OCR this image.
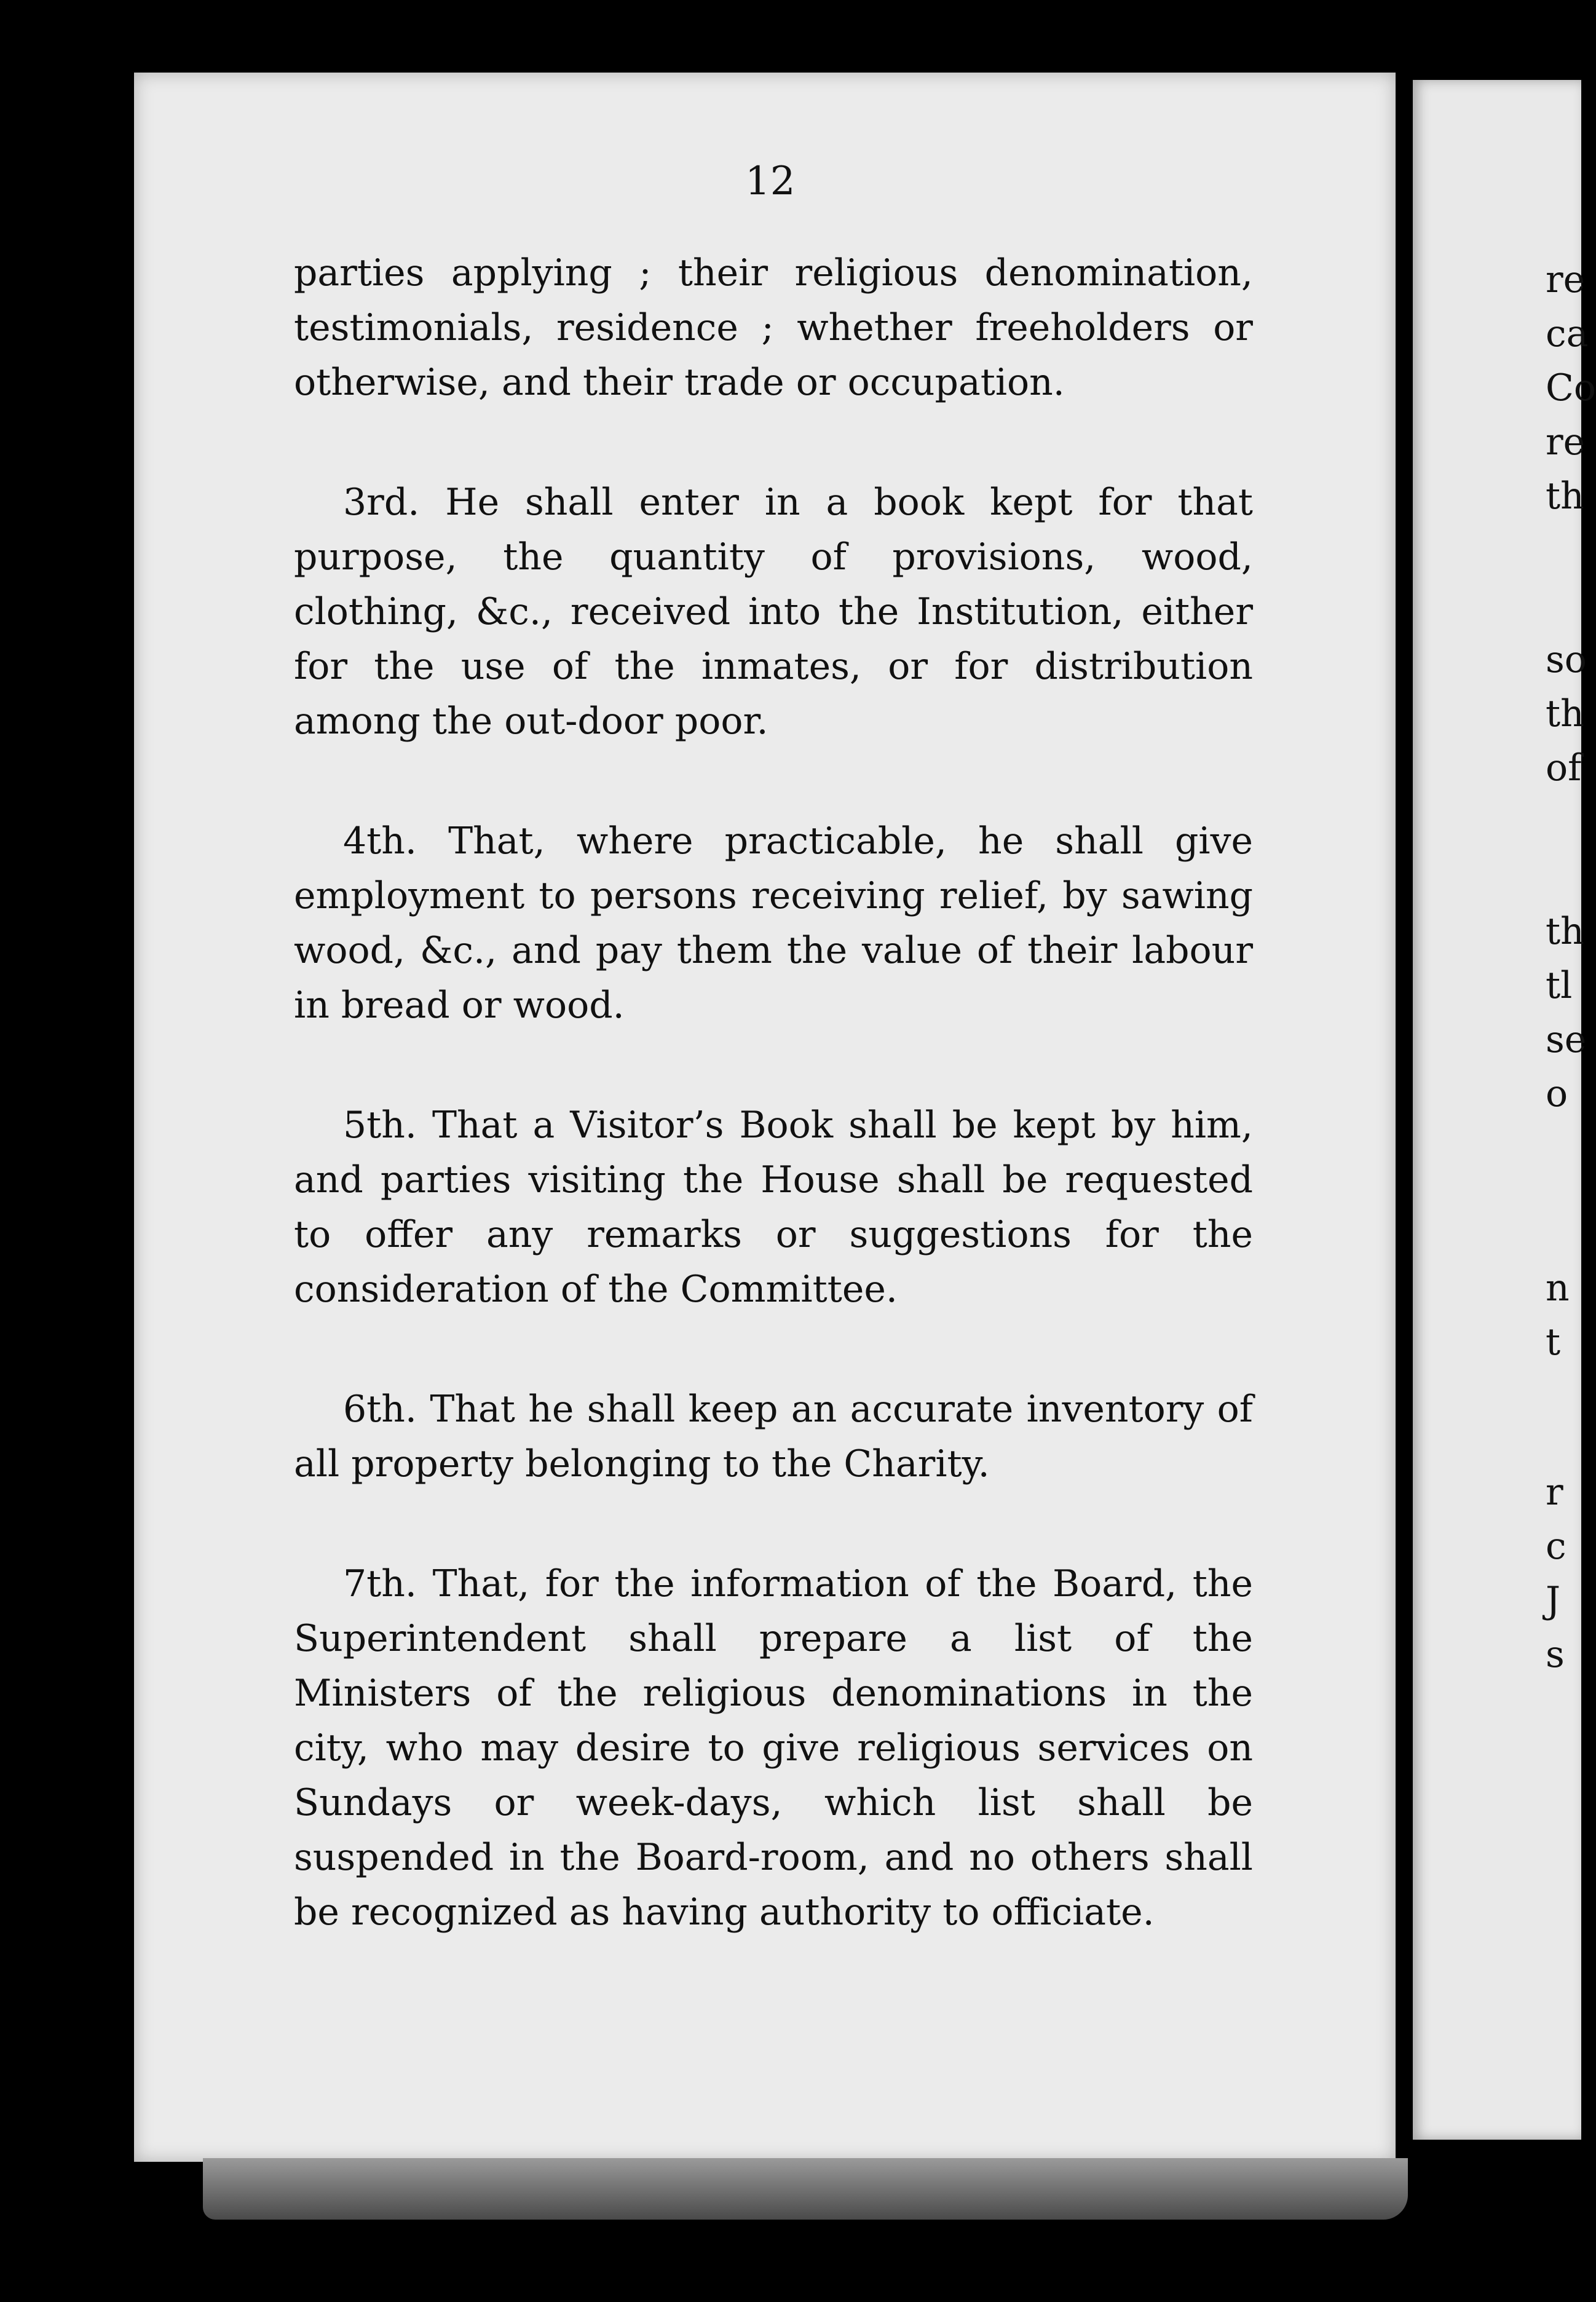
12

parties applying ; their religious denomination, testimonials, residence ; whether freeholders or otherwise, and their trade or occupation.

3rd. He shall enter in a book kept for that purpose, the quantity of provisions, wood, clothing, &c., received into the Institution, either for the use of the inmates, or for distribution among the out-door poor.

4th. That, where practicable, he shall give employment to persons receiving relief, by sawing wood, &c., and pay them the value of their labour in bread or wood.

5th. That a Visitor’s Book shall be kept by him, and parties visiting the House shall be requested to offer any remarks or suggestions for the consideration of the Committee.

6th. That he shall keep an accurate inventory of all property belonging to the Charity.

7th. That, for the information of the Board, the Superintendent shall prepare a list of the Ministers of the religious denominations in the city, who may desire to give religious services on Sundays or week-days, which list shall be suspended in the Board-room, and no others shall be recognized as having authority to officiate.

re
ca
Co
re
th
so
th
of
th
tl
se
o
n
t
r
c
J
s
